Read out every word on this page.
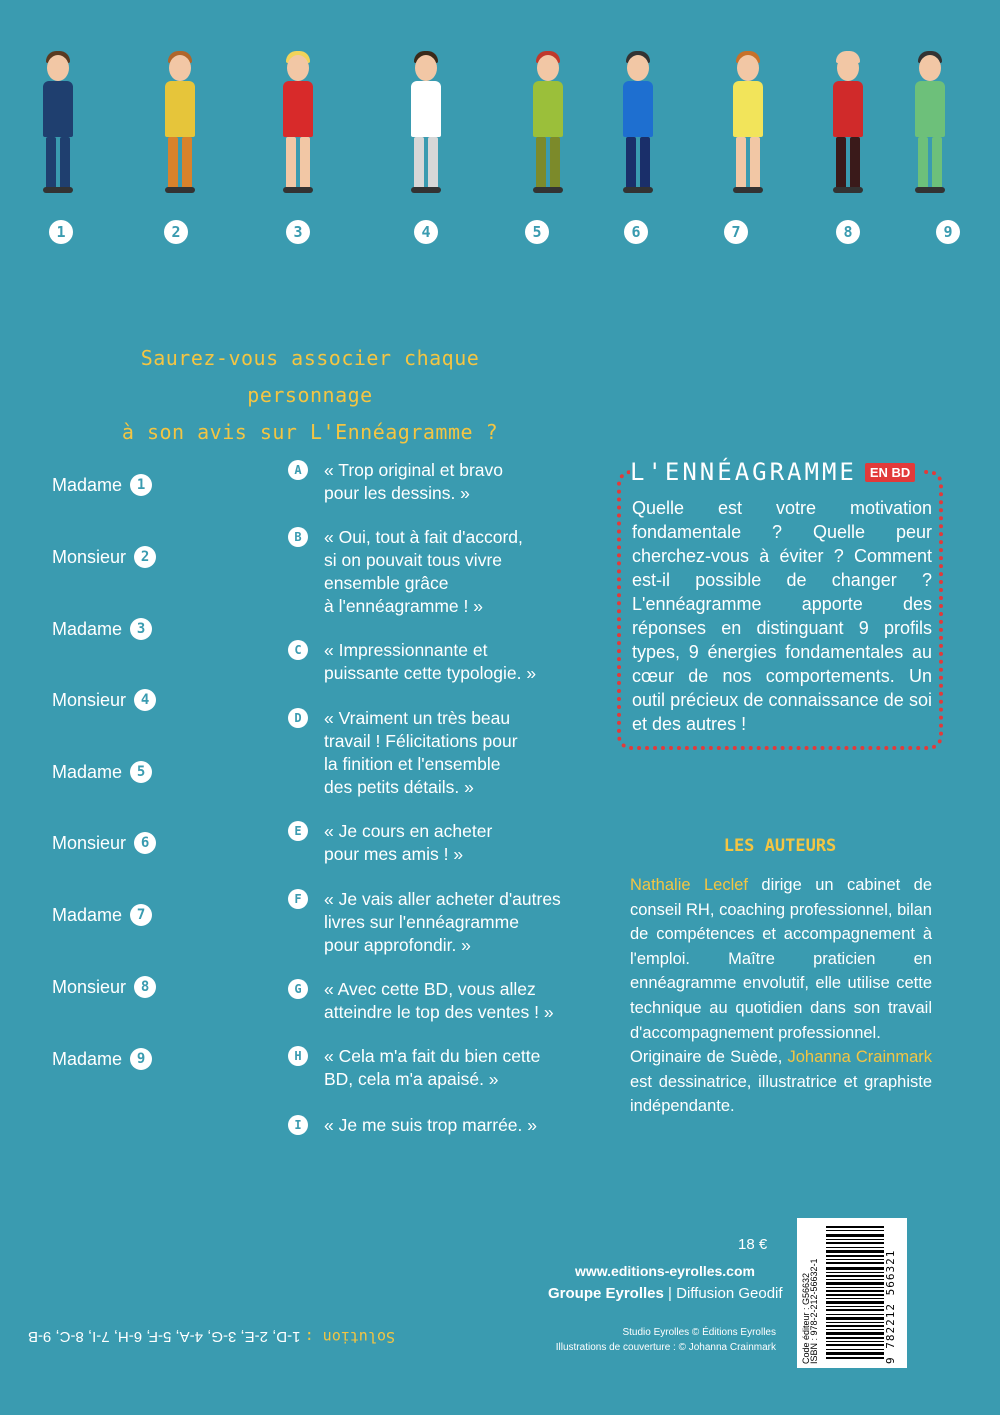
1	2	3	4	5	6	7	8	9
Saurez-vous associer chaque personnage
à son avis sur L'Ennéagramme ?
Madame	1
Monsieur	2
Madame	3
Monsieur	4
Madame	5
Monsieur	6
Madame	7
Monsieur	8
Madame	9
A	« Trop original et bravo
pour les dessins. »
B	« Oui, tout à fait d'accord,
si on pouvait tous vivre
ensemble grâce
à l'ennéagramme ! »
C	« Impressionnante et
puissante cette typologie. »
D	« Vraiment un très beau
travail ! Félicitations pour
la finition et l'ensemble
des petits détails. »
E	« Je cours en acheter
pour mes amis ! »
F	« Je vais aller acheter d'autres
livres sur l'ennéagramme
pour approfondir. »
G	« Avec cette BD, vous allez
atteindre le top des ventes ! »
H	« Cela m'a fait du bien cette
BD, cela m'a apaisé. »
I	« Je me suis trop marrée. »
L'ENNÉAGRAMME	EN BD
Quelle est votre motivation fondamentale ? Quelle peur cherchez-vous à éviter ? Comment est-il possible de changer ? L'ennéagramme apporte des réponses en distinguant 9 profils types, 9 énergies fondamentales au cœur de nos comportements. Un outil précieux de connaissance de soi et des autres !
LES AUTEURS
Nathalie Leclef dirige un cabinet de conseil RH, coaching professionnel, bilan de compétences et accompagnement à l'emploi. Maître praticien en ennéagramme envolutif, elle utilise cette technique au quotidien dans son travail d'accompagnement professionnel.
Originaire de Suède, Johanna Crainmark est dessinatrice, illustratrice et graphiste indépendante.
18 €
www.editions-eyrolles.com
Groupe Eyrolles | Diffusion Geodif
Studio Eyrolles © Éditions Eyrolles
Illustrations de couverture : © Johanna Crainmark	Code éditeur : G56632
ISBN : 978-2-212-56632-1	9 782212 566321
Solution : 1-D, 2-E, 3-G, 4-A, 5-F, 6-H, 7-I, 8-C, 9-B
